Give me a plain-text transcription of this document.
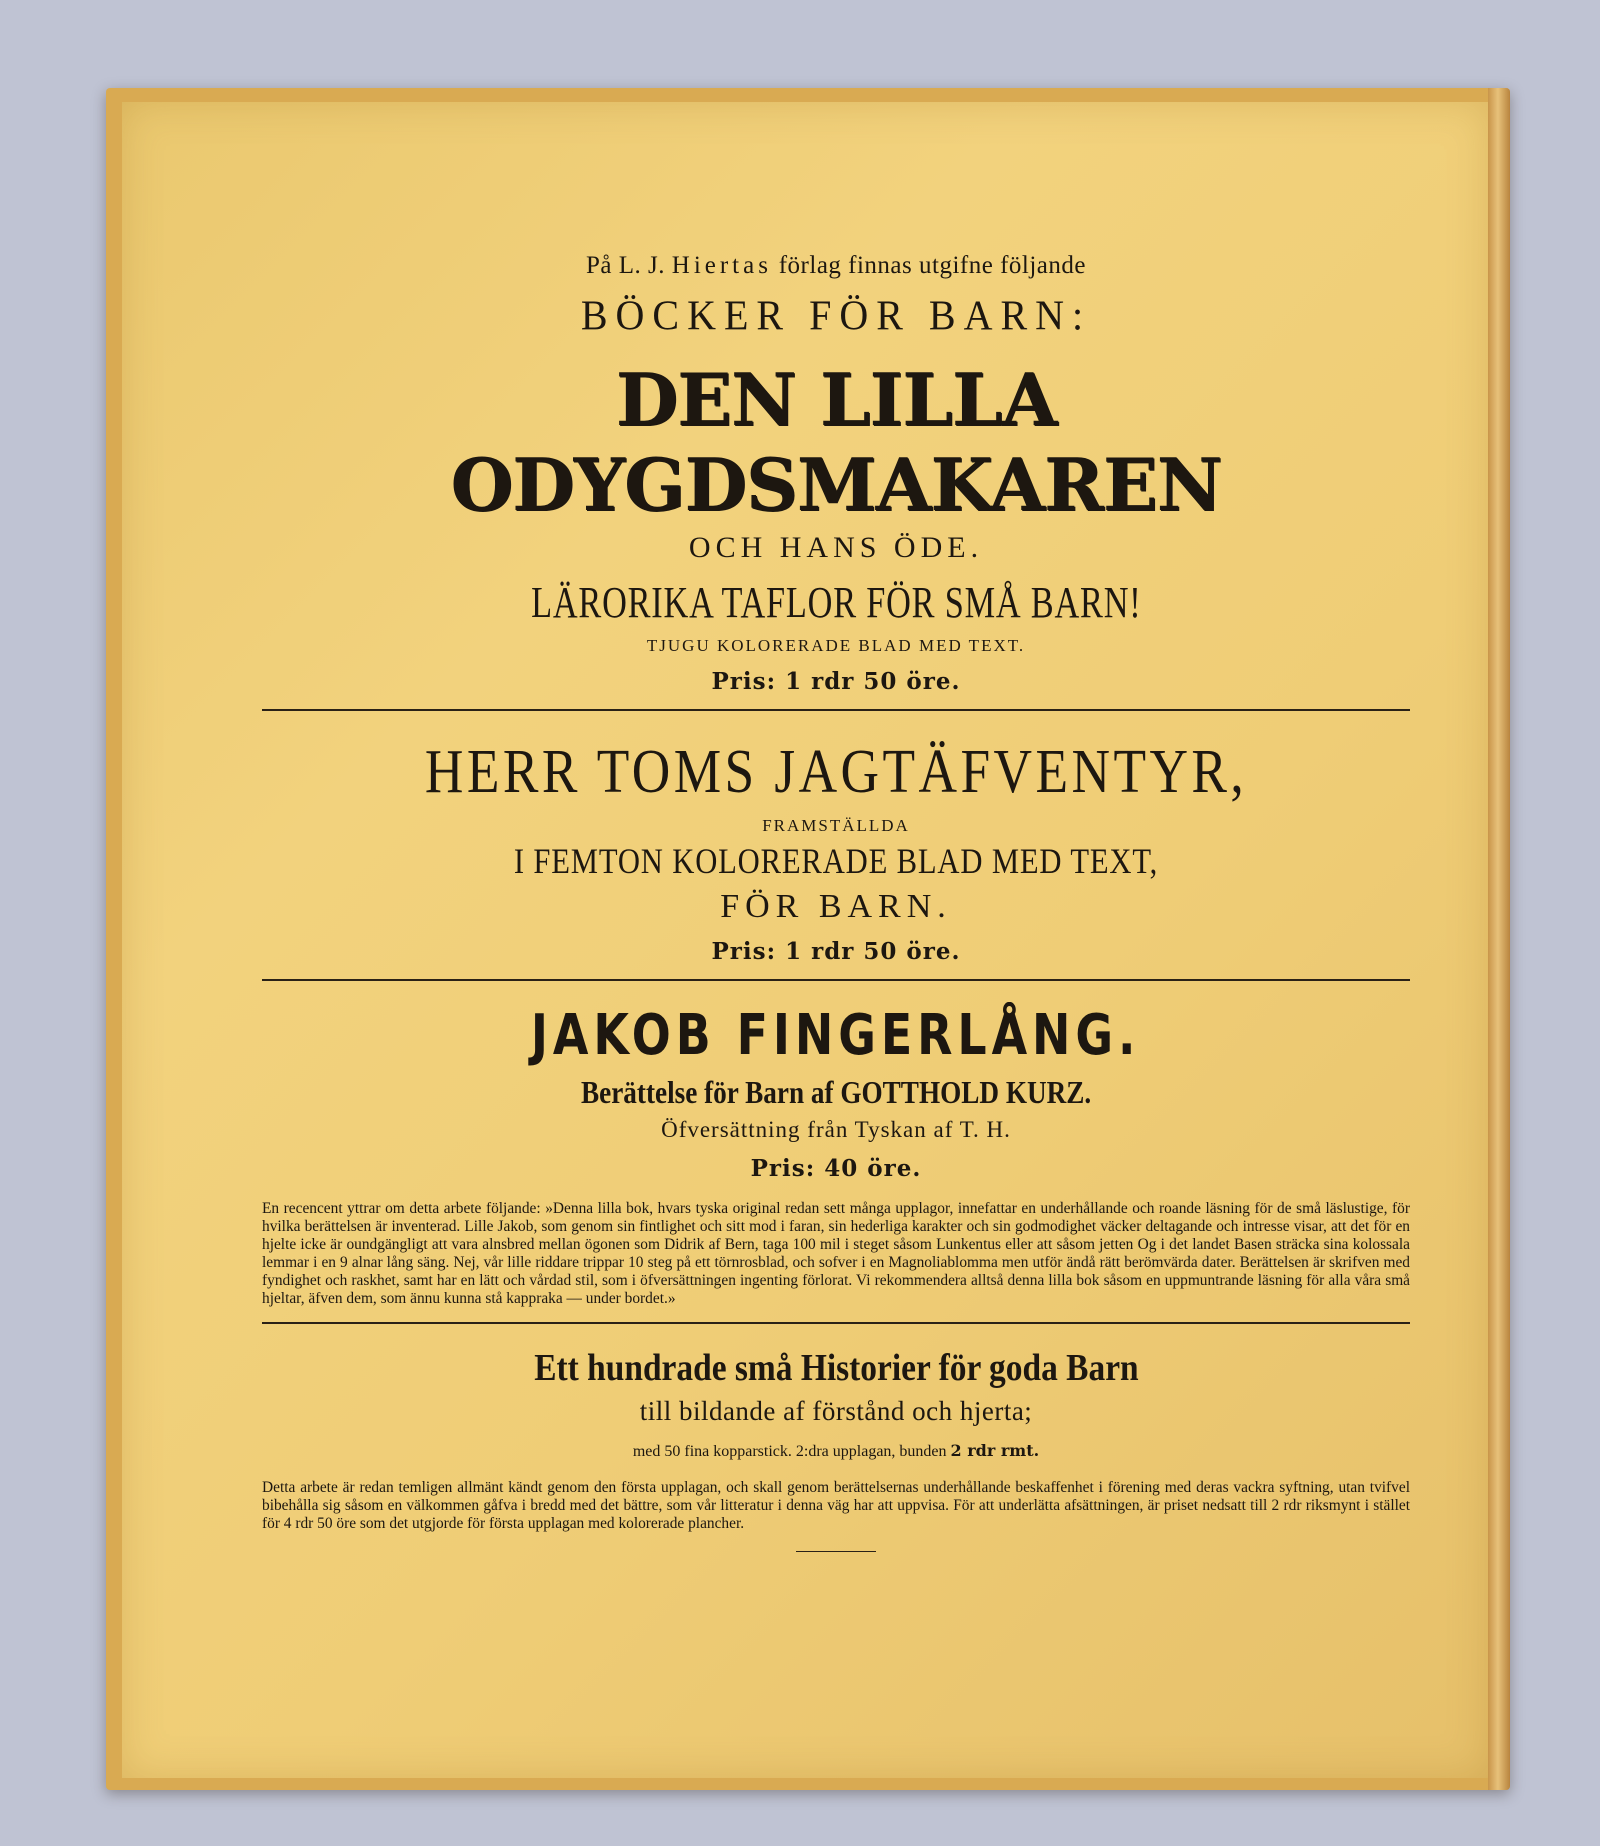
På L. J. Hiertas förlag finnas utgifne följande
BÖCKER FÖR BARN:
DEN LILLA ODYGDSMAKAREN
OCH HANS ÖDE.
LÄRORIKA TAFLOR FÖR SMÅ BARN!
TJUGU KOLORERADE BLAD MED TEXT.
Pris: 1 rdr 50 öre.
HERR TOMS JAGTÄFVENTYR,
FRAMSTÄLLDA
I FEMTON KOLORERADE BLAD MED TEXT,
FÖR BARN.
Pris: 1 rdr 50 öre.
JAKOB FINGERLÅNG.
Berättelse för Barn af GOTTHOLD KURZ.
Öfversättning från Tyskan af T. H.
Pris: 40 öre.
En recencent yttrar om detta arbete följande: »Denna lilla bok, hvars tyska original redan sett många upplagor, innefattar en underhållande och roande läsning för de små läslustige, för hvilka berättelsen är inventerad. Lille Jakob, som genom sin fintlighet och sitt mod i faran, sin hederliga karakter och sin godmodighet väcker deltagande och intresse visar, att det för en hjelte icke är oundgängligt att vara alnsbred mellan ögonen som Didrik af Bern, taga 100 mil i steget såsom Lunkentus eller att såsom jetten Og i det landet Basen sträcka sina kolossala lemmar i en 9 alnar lång säng. Nej, vår lille riddare trippar 10 steg på ett törnrosblad, och sofver i en Magnoliablomma men utför ändå rätt berömvärda dater. Berättelsen är skrifven med fyndighet och raskhet, samt har en lätt och vårdad stil, som i öfversättningen ingenting förlorat. Vi rekommendera alltså denna lilla bok såsom en uppmuntrande läsning för alla våra små hjeltar, äfven dem, som ännu kunna stå kappraka — under bordet.»
Ett hundrade små Historier för goda Barn
till bildande af förstånd och hjerta;
med 50 fina kopparstick. 2:dra upplagan, bunden 2 rdr rmt.
Detta arbete är redan temligen allmänt kändt genom den första upplagan, och skall genom berättelsernas underhållande beskaffenhet i förening med deras vackra syftning, utan tvifvel bibehålla sig såsom en välkommen gåfva i bredd med det bättre, som vår litteratur i denna väg har att uppvisa. För att underlätta afsättningen, är priset nedsatt till 2 rdr riksmynt i stället för 4 rdr 50 öre som det utgjorde för första upplagan med kolorerade plancher.
